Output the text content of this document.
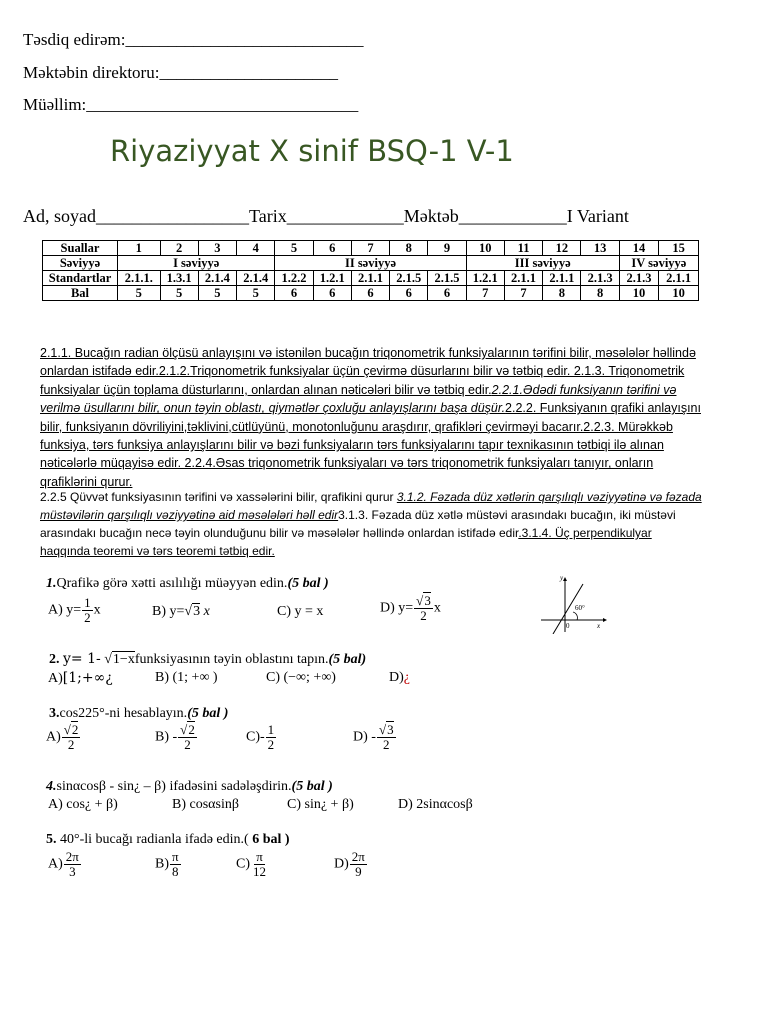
Təsdiq edirəm:____________________________
Məktəbin direktoru:_____________________
Müəllim:________________________________
Riyaziyyat X sinif BSQ-1 V-1
Ad, soyad_________________Tarix_____________Məktəb____________I Variant
Suallar	1	2	3	4	5	6	7	8	9	10	11	12	13	14	15
Səviyyə	I səviyyə				II səviyyə					III səviyyə				IV səviyyə	
Standartlar	2.1.1.	1.3.1	2.1.4	2.1.4	1.2.2	1.2.1	2.1.1	2.1.5	2.1.5	1.2.1	2.1.1	2.1.1	2.1.3	2.1.3	2.1.1
Bal	5	5	5	5	6	6	6	6	6	7	7	8	8	10	10
2.1.1. Bucağın radian ölçüsü anlayışını və istənilən bucağın triqonometrik funksiyalarının tərifini bilir, məsələlər həllində onlardan istifadə edir.2.1.2.Triqonometrik funksiyalar üçün çevirmə düsurlarını bilir və tətbiq edir. 2.1.3. Triqonometrik funksiyalar üçün toplama düsturlarını, onlardan alınan nəticələri bilir və tətbiq edir.2.2.1.Ədədi funksiyanın tərifini və verilmə üsullarını bilir, onun təyin oblastı, qiymətlər çoxluğu anlayışlarını başa düşür.2.2.2. Funksiyanın qrafiki anlayışını bilir, funksiyanın dövriliyini,təklivini,cütlüyünü, monotonluğunu araşdırır, qrafikləri çevirməyi bacarır.2.2.3. Mürəkkəb funksiya, tərs funksiya anlayışlarını bilir və bəzi funksiyaların tərs funksiyalarını tapır texnikasının tətbiqi ilə alınan nəticələrlə müqayisə edir. 2.2.4.Əsas triqonometrik funksiyaları və tərs triqonometrik funksiyaları tanıyır, onların qrafiklərini qurur.
2.2.5 Qüvvət funksiyasının tərifini və xassələrini bilir, qrafikini qurur 3.1.2. Fəzada düz xətlərin qarşılıqlı vəziyyətinə və fəzada müstəvilərin qarşılıqlı vəziyyətinə aid məsələləri həll edir3.1.3. Fəzada düz xətlə müstəvi arasındakı bucağın, iki müstəvi arasındakı bucağın necə təyin olunduğunu bilir və məsələlər həllində onlardan istifadə edir.3.1.4. Üç perpendikulyar haqqında teoremi və tərs teoremi tətbiq edir.
1.Qrafikə görə xətti asılılığı müəyyən edin.(5 bal )
A) $y= \frac{1}{2}$ x	B) y=√3 x	C) y = x	D) $y= \frac{√3}{2}$ x
y
x
60°
0
2. y= 1- √1−xfunksiyasının təyin oblastını tapın.(5 bal)
A)[1;+∞¿	B) (1; +∞ )	C) (−∞; +∞)	D)¿
3.cos225°-ni hesablayın.(5 bal )
$A) \frac{√2}{2}$	$B) - \frac{√2}{2}$	$C)- \frac{1}{2}$	$D) - \frac{√3}{2}$
4.sinαcosβ - sin¿ – β) ifadəsini sadələşdirin.(5 bal )
A) cos¿ + β)	B) cosαsinβ	C) sin¿ + β)	D) 2sinαcosβ
5. 40°-li bucağı radianla ifadə edin.( 6 bal )
$A) \frac{2\pi}{3}$	$B) \frac{\pi}{8}$	$C) \frac{\pi}{12}$	$D) \frac{2\pi}{9}$
